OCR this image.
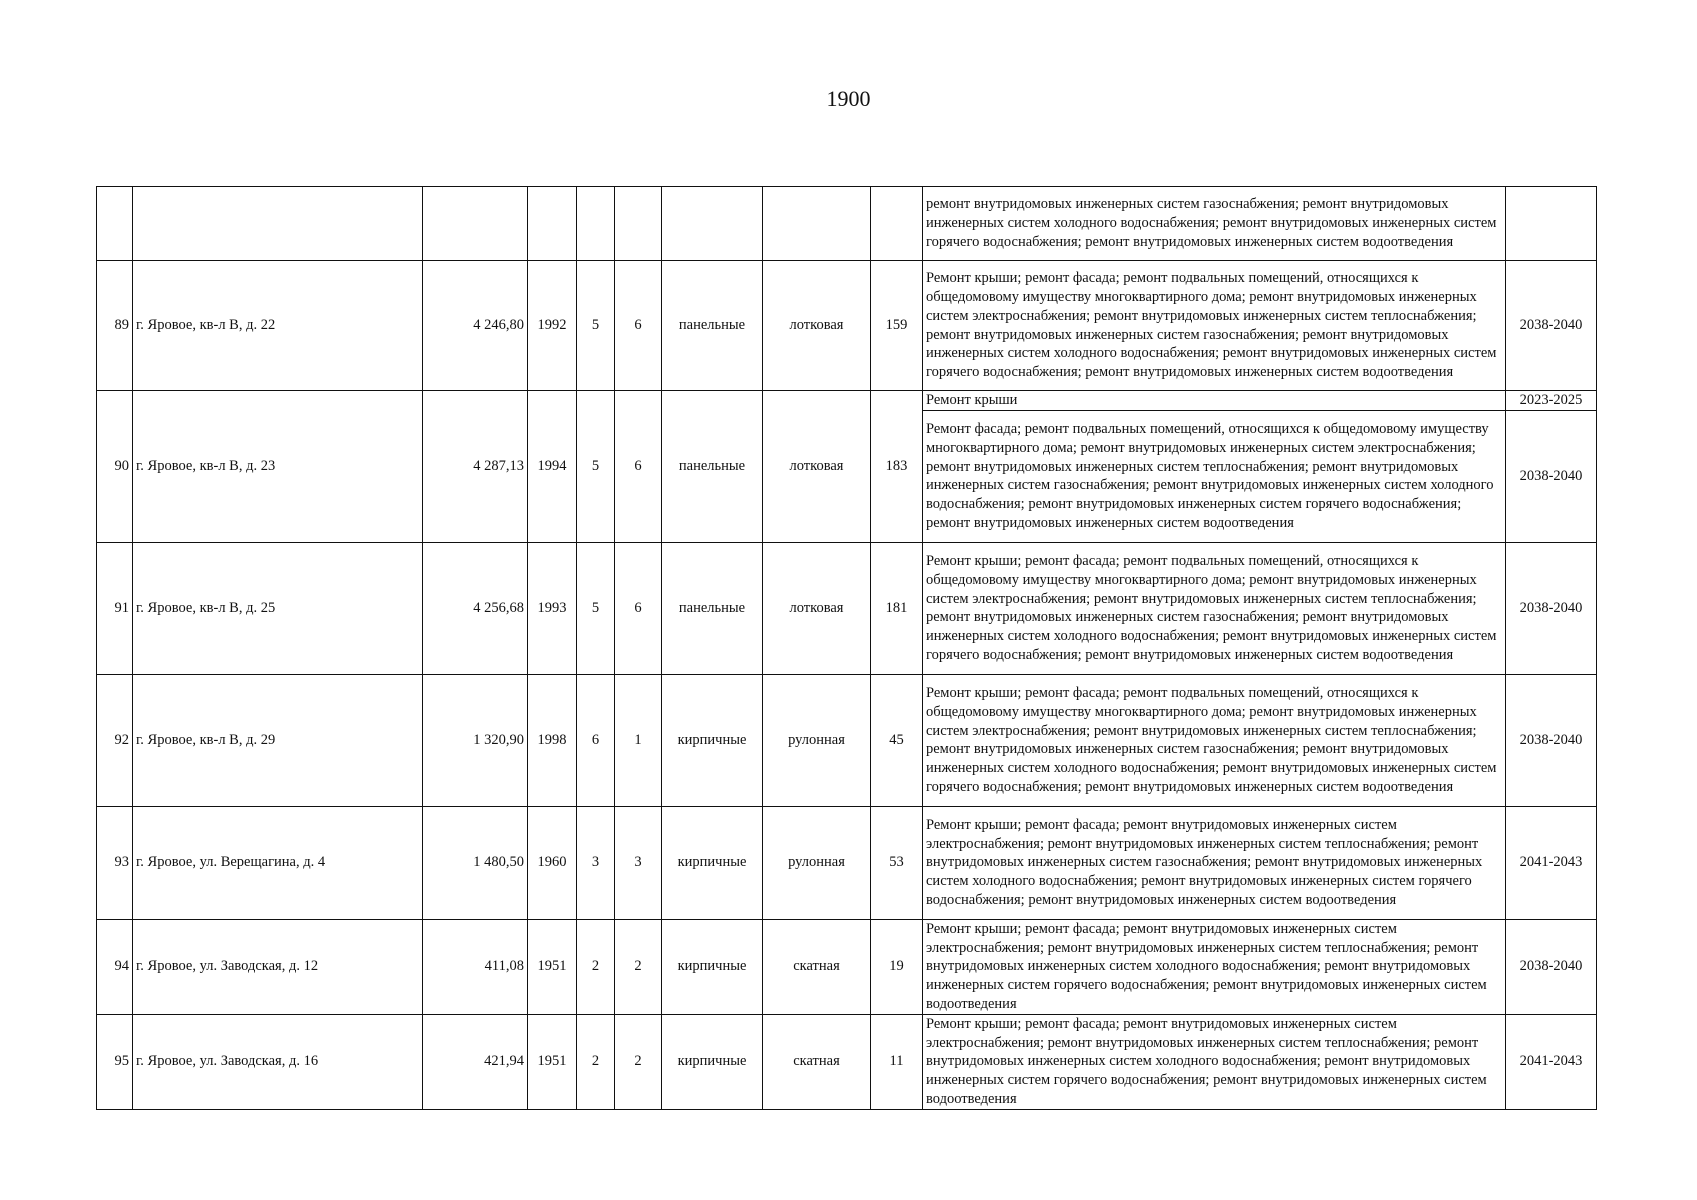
1900
									ремонт внутридомовых инженерных систем газоснабжения; ремонт внутридомовых инженерных систем холодного водоснабжения; ремонт внутридомовых инженерных систем горячего водоснабжения; ремонт внутридомовых инженерных систем водоотведения	
89	г. Яровое, кв-л В, д. 22	4 246,80	1992	5	6	панельные	лотковая	159	Ремонт крыши; ремонт фасада; ремонт подвальных помещений, относящихся к общедомовому имуществу многоквартирного дома; ремонт внутридомовых инженерных систем электроснабжения; ремонт внутридомовых инженерных систем теплоснабжения; ремонт внутридомовых инженерных систем газоснабжения; ремонт внутридомовых инженерных систем холодного водоснабжения; ремонт внутридомовых инженерных систем горячего водоснабжения; ремонт внутридомовых инженерных систем водоотведения	2038-2040
90	г. Яровое, кв-л В, д. 23	4 287,13	1994	5	6	панельные	лотковая	183	Ремонт крыши	2023-2025
									Ремонт фасада; ремонт подвальных помещений, относящихся к общедомовому имуществу многоквартирного дома; ремонт внутридомовых инженерных систем электроснабжения; ремонт внутридомовых инженерных систем теплоснабжения; ремонт внутридомовых инженерных систем газоснабжения; ремонт внутридомовых инженерных систем холодного водоснабжения; ремонт внутридомовых инженерных систем горячего водоснабжения; ремонт внутридомовых инженерных систем водоотведения	2038-2040
91	г. Яровое, кв-л В, д. 25	4 256,68	1993	5	6	панельные	лотковая	181	Ремонт крыши; ремонт фасада; ремонт подвальных помещений, относящихся к общедомовому имуществу многоквартирного дома; ремонт внутридомовых инженерных систем электроснабжения; ремонт внутридомовых инженерных систем теплоснабжения; ремонт внутридомовых инженерных систем газоснабжения; ремонт внутридомовых инженерных систем холодного водоснабжения; ремонт внутридомовых инженерных систем горячего водоснабжения; ремонт внутридомовых инженерных систем водоотведения	2038-2040
92	г. Яровое, кв-л В, д. 29	1 320,90	1998	6	1	кирпичные	рулонная	45	Ремонт крыши; ремонт фасада; ремонт подвальных помещений, относящихся к общедомовому имуществу многоквартирного дома; ремонт внутридомовых инженерных систем электроснабжения; ремонт внутридомовых инженерных систем теплоснабжения; ремонт внутридомовых инженерных систем газоснабжения; ремонт внутридомовых инженерных систем холодного водоснабжения; ремонт внутридомовых инженерных систем горячего водоснабжения; ремонт внутридомовых инженерных систем водоотведения	2038-2040
93	г. Яровое, ул. Верещагина, д. 4	1 480,50	1960	3	3	кирпичные	рулонная	53	Ремонт крыши; ремонт фасада; ремонт внутридомовых инженерных систем электроснабжения; ремонт внутридомовых инженерных систем теплоснабжения; ремонт внутридомовых инженерных систем газоснабжения; ремонт внутридомовых инженерных систем холодного водоснабжения; ремонт внутридомовых инженерных систем горячего водоснабжения; ремонт внутридомовых инженерных систем водоотведения	2041-2043
94	г. Яровое, ул. Заводская, д. 12	411,08	1951	2	2	кирпичные	скатная	19	Ремонт крыши; ремонт фасада; ремонт внутридомовых инженерных систем электроснабжения; ремонт внутридомовых инженерных систем теплоснабжения; ремонт внутридомовых инженерных систем холодного водоснабжения; ремонт внутридомовых инженерных систем горячего водоснабжения; ремонт внутридомовых инженерных систем водоотведения	2038-2040
95	г. Яровое, ул. Заводская, д. 16	421,94	1951	2	2	кирпичные	скатная	11	Ремонт крыши; ремонт фасада; ремонт внутридомовых инженерных систем электроснабжения; ремонт внутридомовых инженерных систем теплоснабжения; ремонт внутридомовых инженерных систем холодного водоснабжения; ремонт внутридомовых инженерных систем горячего водоснабжения; ремонт внутридомовых инженерных систем водоотведения	2041-2043
